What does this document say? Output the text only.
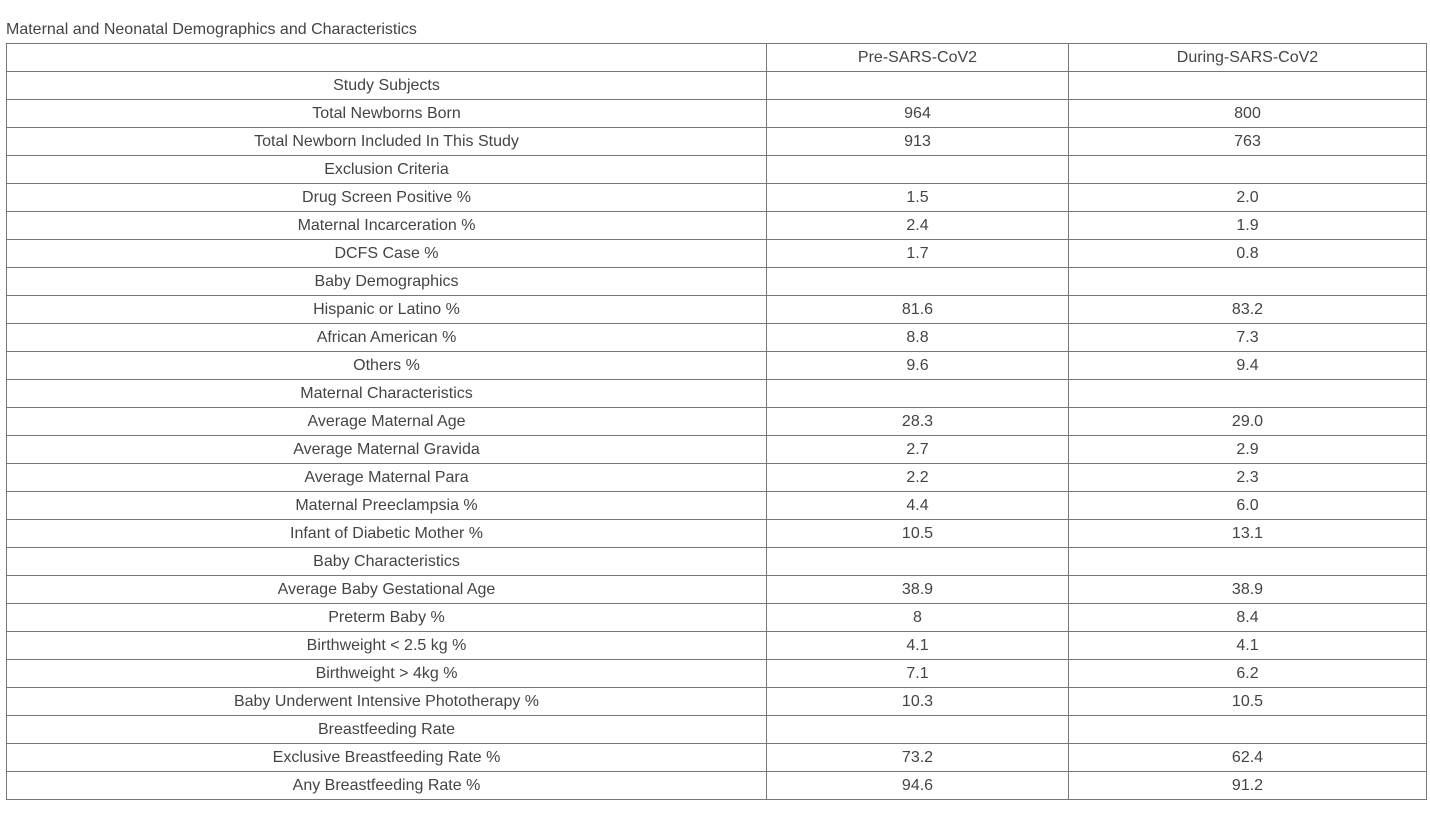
Maternal and Neonatal Demographics and Characteristics
	Pre-SARS-CoV2	During-SARS-CoV2
Study Subjects		
Total Newborns Born	964	800
Total Newborn Included In This Study	913	763
Exclusion Criteria		
Drug Screen Positive %	1.5	2.0
Maternal Incarceration %	2.4	1.9
DCFS Case %	1.7	0.8
Baby Demographics		
Hispanic or Latino %	81.6	83.2
African American %	8.8	7.3
Others %	9.6	9.4
Maternal Characteristics		
Average Maternal Age	28.3	29.0
Average Maternal Gravida	2.7	2.9
Average Maternal Para	2.2	2.3
Maternal Preeclampsia %	4.4	6.0
Infant of Diabetic Mother %	10.5	13.1
Baby Characteristics		
Average Baby Gestational Age	38.9	38.9
Preterm Baby %	8	8.4
Birthweight < 2.5 kg %	4.1	4.1
Birthweight > 4kg %	7.1	6.2
Baby Underwent Intensive Phototherapy %	10.3	10.5
Breastfeeding Rate		
Exclusive Breastfeeding Rate %	73.2	62.4
Any Breastfeeding Rate %	94.6	91.2
